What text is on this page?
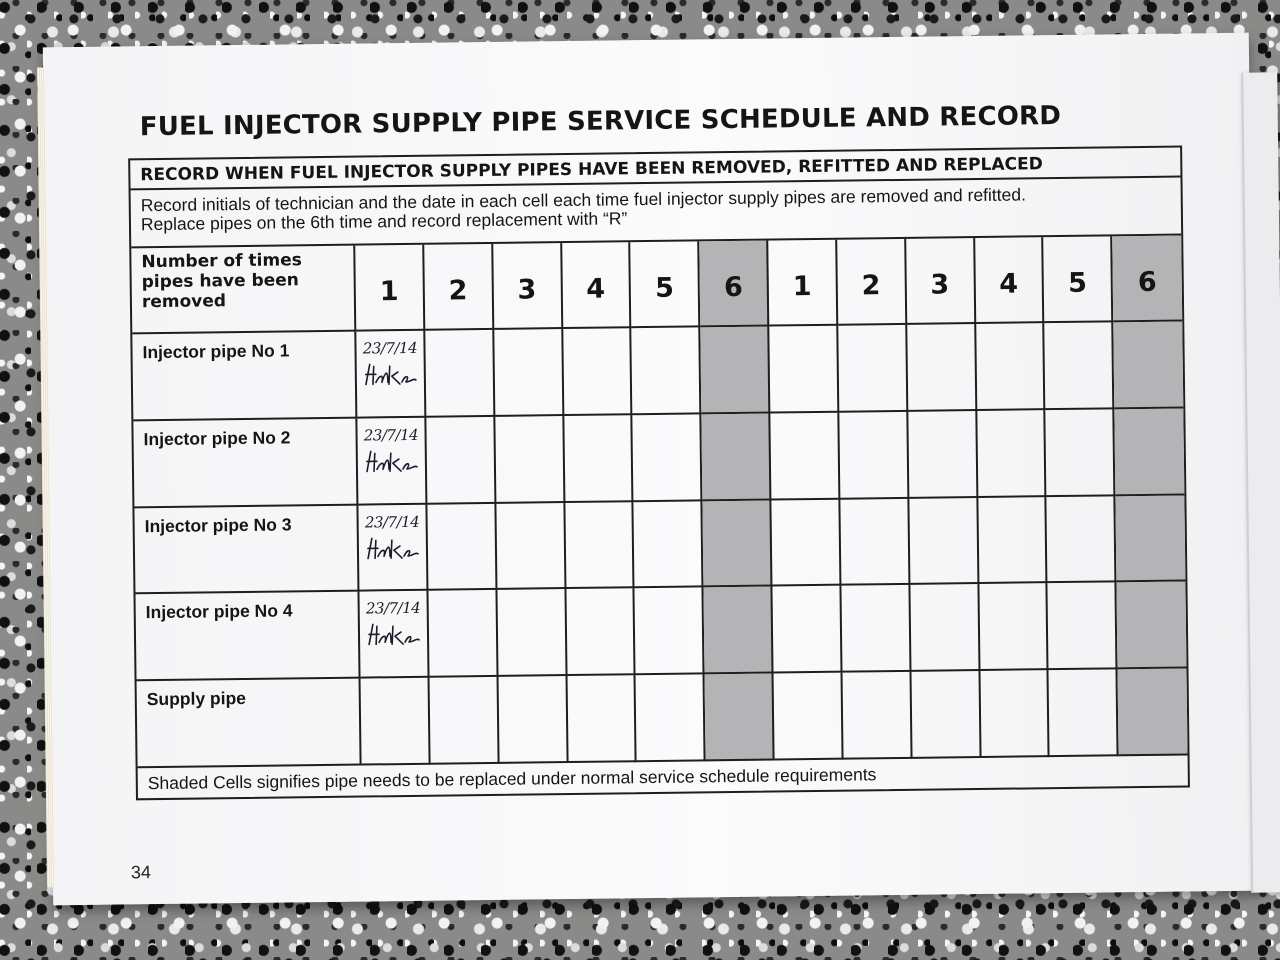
FUEL INJECTOR SUPPLY PIPE SERVICE SCHEDULE AND RECORD
RECORD WHEN FUEL INJECTOR SUPPLY PIPES HAVE BEEN REMOVED, REFITTED AND REPLACED
Record initials of technician and the date in each cell each time fuel injector supply pipes are removed and refitted.
Replace pipes on the 6th time and record replacement with “R”
Number of times pipes have been removed	1	2	3	4	5	6	1	2	3	4	5	6
Injector pipe No 1	23/7/14
Injector pipe No 2	23/7/14
Injector pipe No 3	23/7/14
Injector pipe No 4	23/7/14
Supply pipe
Shaded Cells signifies pipe needs to be replaced under normal service schedule requirements
34
